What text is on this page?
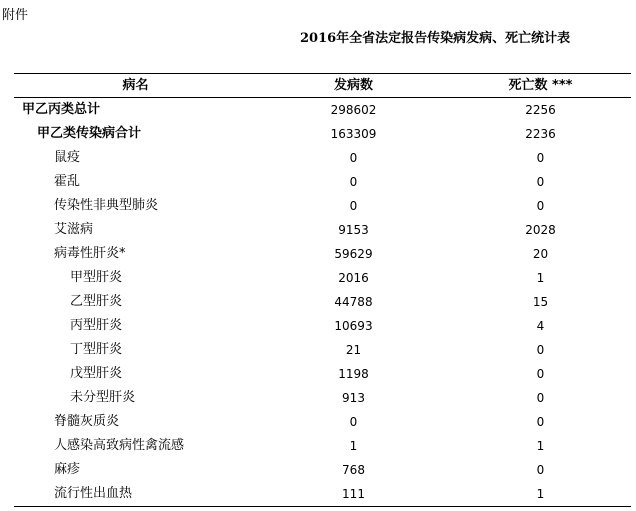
附件
2016年全省法定报告传染病发病、死亡统计表
病名	发病数	死亡数 ***
甲乙丙类总计	298602	2256
甲乙类传染病合计	163309	2236
鼠疫	0	0
霍乱	0	0
传染性非典型肺炎	0	0
艾滋病	9153	2028
病毒性肝炎*	59629	20
甲型肝炎	2016	1
乙型肝炎	44788	15
丙型肝炎	10693	4
丁型肝炎	21	0
戊型肝炎	1198	0
未分型肝炎	913	0
脊髓灰质炎	0	0
人感染高致病性禽流感	1	1
麻疹	768	0
流行性出血热	111	1
